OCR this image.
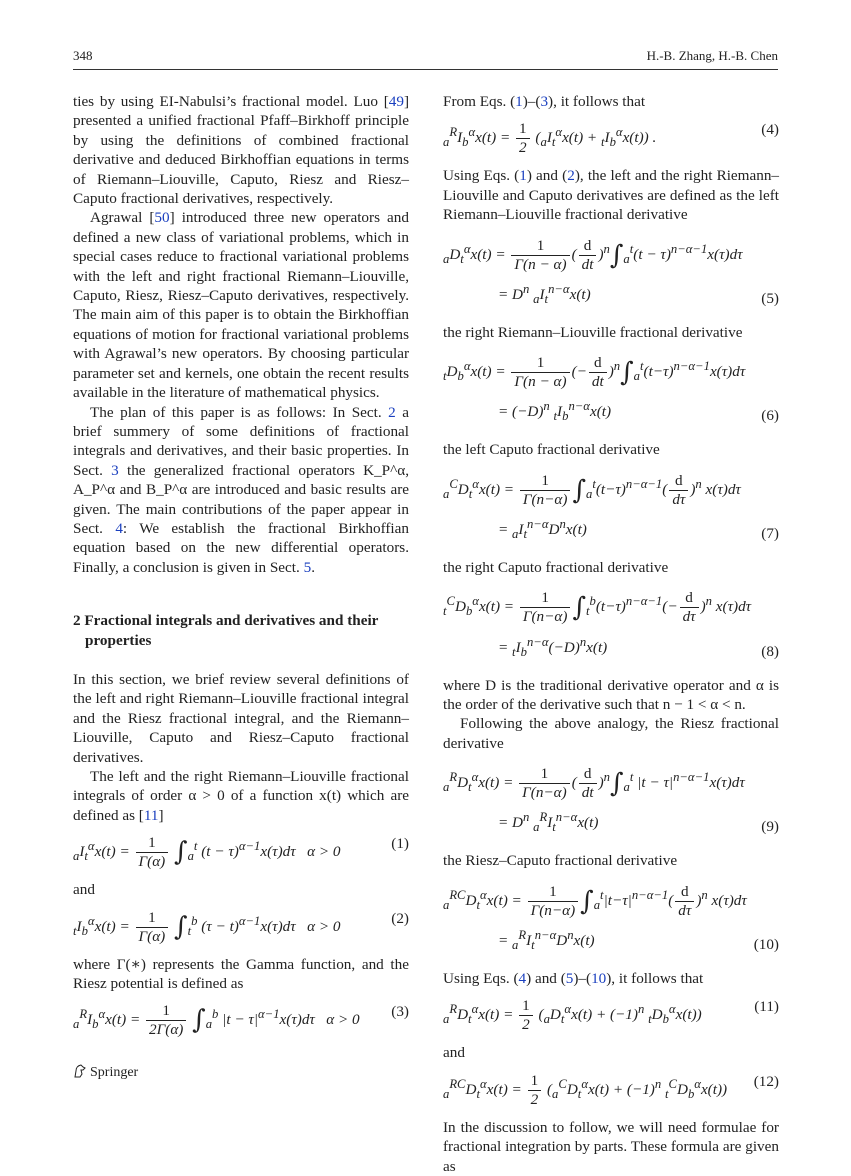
348	H.-B. Zhang, H.-B. Chen

ties by using EI-Nabulsi’s fractional model. Luo [49] presented a unified fractional Pfaff–Birkhoff principle by using the definitions of combined fractional derivative and deduced Birkhoffian equations in terms of Riemann–Liouville, Caputo, Riesz and Riesz–Caputo fractional derivatives, respectively.

Agrawal [50] introduced three new operators and defined a new class of variational problems, which in special cases reduce to fractional variational problems with the left and right fractional Riemann–Liouville, Caputo, Riesz, Riesz–Caputo derivatives, respectively. The main aim of this paper is to obtain the Birkhoffian equations of motion for fractional variational problems with Agrawal’s new operators. By choosing particular parameter set and kernels, one obtain the recent results available in the literature of mathematical physics.

The plan of this paper is as follows: In Sect. 2 a brief summery of some definitions of fractional integrals and derivatives, and their basic properties. In Sect. 3 the generalized fractional operators K_P^α, A_P^α and B_P^α are introduced and basic results are given. The main contributions of the paper appear in Sect. 4: We establish the fractional Birkhoffian equation based on the new differential operators. Finally, a conclusion is given in Sect. 5.

2 Fractional integrals and derivatives and their properties

In this section, we brief review several definitions of the left and right Riemann–Liouville fractional integral and the Riesz fractional integral, and the Riemann–Liouville, Caputo and Riesz–Caputo fractional derivatives.

The left and the right Riemann–Liouville fractional integrals of order α > 0 of a function x(t) which are defined as [11]

$_aI_t^\alpha x(t) = \frac{1}{\Gamma(\alpha)} \int_a^t$ $(t - \tau)^{\alpha-1}x(\tau)d\tau$   α > 0	(1)

and

$_tI_b^\alpha x(t) = \frac{1}{\Gamma(\alpha)} \int_t^b$ $(\tau - t)^{\alpha-1}x(\tau)d\tau$   α > 0	(2)

where Γ(∗) represents the Gamma function, and the Riesz potential is defined as

$_a^RI_b^\alpha x(t) = \frac{1}{2\Gamma(\alpha)} \int_a^b$ $|t - \tau|^{\alpha-1}x(\tau)d\tau$   α > 0 (3)

From Eqs. (1)–(3), it follows that

$_a^RI_b^\alpha x(t) = \frac{1}{2} (_aI_t^\alpha x(t) + _tI_b^\alpha x(t))$ .	(4)

Using Eqs. (1) and (2), the left and the right Riemann–Liouville and Caputo derivatives are defined as the left Riemann–Liouville fractional derivative

$_aD_t^\alpha x(t) = \frac{1}{\Gamma(n - \alpha)}$ ( $\frac{d}{dt} )^n\int_a^t(t - \tau)^{n-\alpha-1}x(\tau)d\tau$
= $D^n$ $_aI_t^{n-\alpha}x(t)$	(5)

the right Riemann–Liouville fractional derivative

$_tD_b^\alpha x(t) = \frac{1}{\Gamma(n - \alpha)}$ (− $\frac{d}{dt} )^n\int_a^t(t-\tau)^{n-\alpha-1}x(\tau)d\tau$
= $(-D)^n$ $_tI_b^{n-\alpha}x(t)$	(6)

the left Caputo fractional derivative

$_a^CD_t^\alpha x(t) = \frac{1}{\Gamma(n-\alpha)} \int_a^t(t-\tau)^{n-\alpha-1}( \frac{d}{d\tau} )^n$ x(τ)dτ
= $_aI_t^{n-\alpha}D^nx(t)$	(7)

the right Caputo fractional derivative

$_t^CD_b^\alpha x(t) = \frac{1}{\Gamma(n-\alpha)} \int_t^b(t-\tau)^{n-\alpha-1}(- \frac{d}{d\tau} )^n$ x(τ)dτ
= $_tI_b^{n-\alpha}(-D)^nx(t)$	(8)

where D is the traditional derivative operator and α is the order of the derivative such that n − 1 < α < n.

Following the above analogy, the Riesz fractional derivative

$_a^RD_t^\alpha x(t) = \frac{1}{\Gamma(n-\alpha)}$ ( $\frac{d}{dt} )^n\int_a^t$ $|t - \tau|^{n-\alpha-1}x(\tau)d\tau$
= $D^n$ $_a^RI_t^{n-\alpha}x(t)$	(9)

the Riesz–Caputo fractional derivative

$_a^{RC}D_t^\alpha x(t) = \frac{1}{\Gamma(n-\alpha)} \int_a^t|t-\tau|^{n-\alpha-1}( \frac{d}{d\tau} )^n$ x(τ)dτ
= $_a^RI_t^{n-\alpha}D^nx(t)$	(10)

Using Eqs. (4) and (5)–(10), it follows that

$_a^RD_t^\alpha x(t) = \frac{1}{2} (_aD_t^\alpha x(t) + (-1)^n$ $_tD_b^\alpha x(t)$)	(11)

and

$_a^{RC}D_t^\alpha x(t) = \frac{1}{2} (_a^CD_t^\alpha x(t) + (-1)^n$ $_t^CD_b^\alpha x(t)$) (12)

In the discussion to follow, we will need formulae for fractional integration by parts. These formula are given as

Springer
